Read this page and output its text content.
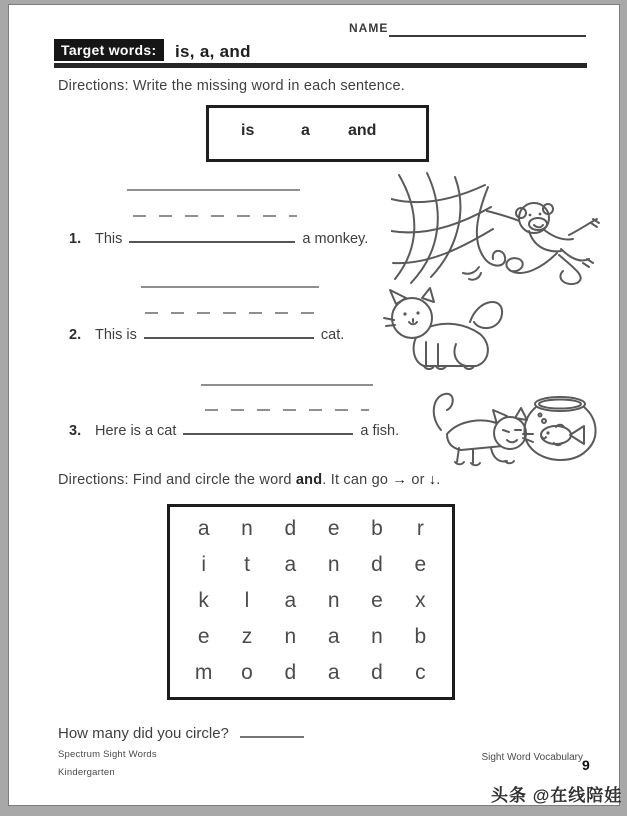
NAME
Target words:	is, a, and
Directions: Write the missing word in each sentence.
is	a and
1. This	a monkey.
2. This is	cat.
3. Here is a cat	a fish.
Directions: Find and circle the word and. It can go → or ↓.
a	n	d	e	b	r
i	t	a	n	d	e
k	l	a	n	e	x
e	z	n	a	n	b
m	o	d	a	d	c
How many did you circle?
Spectrum Sight Words
Kindergarten
Sight Word Vocabulary 9
头条 @在线陪娃
